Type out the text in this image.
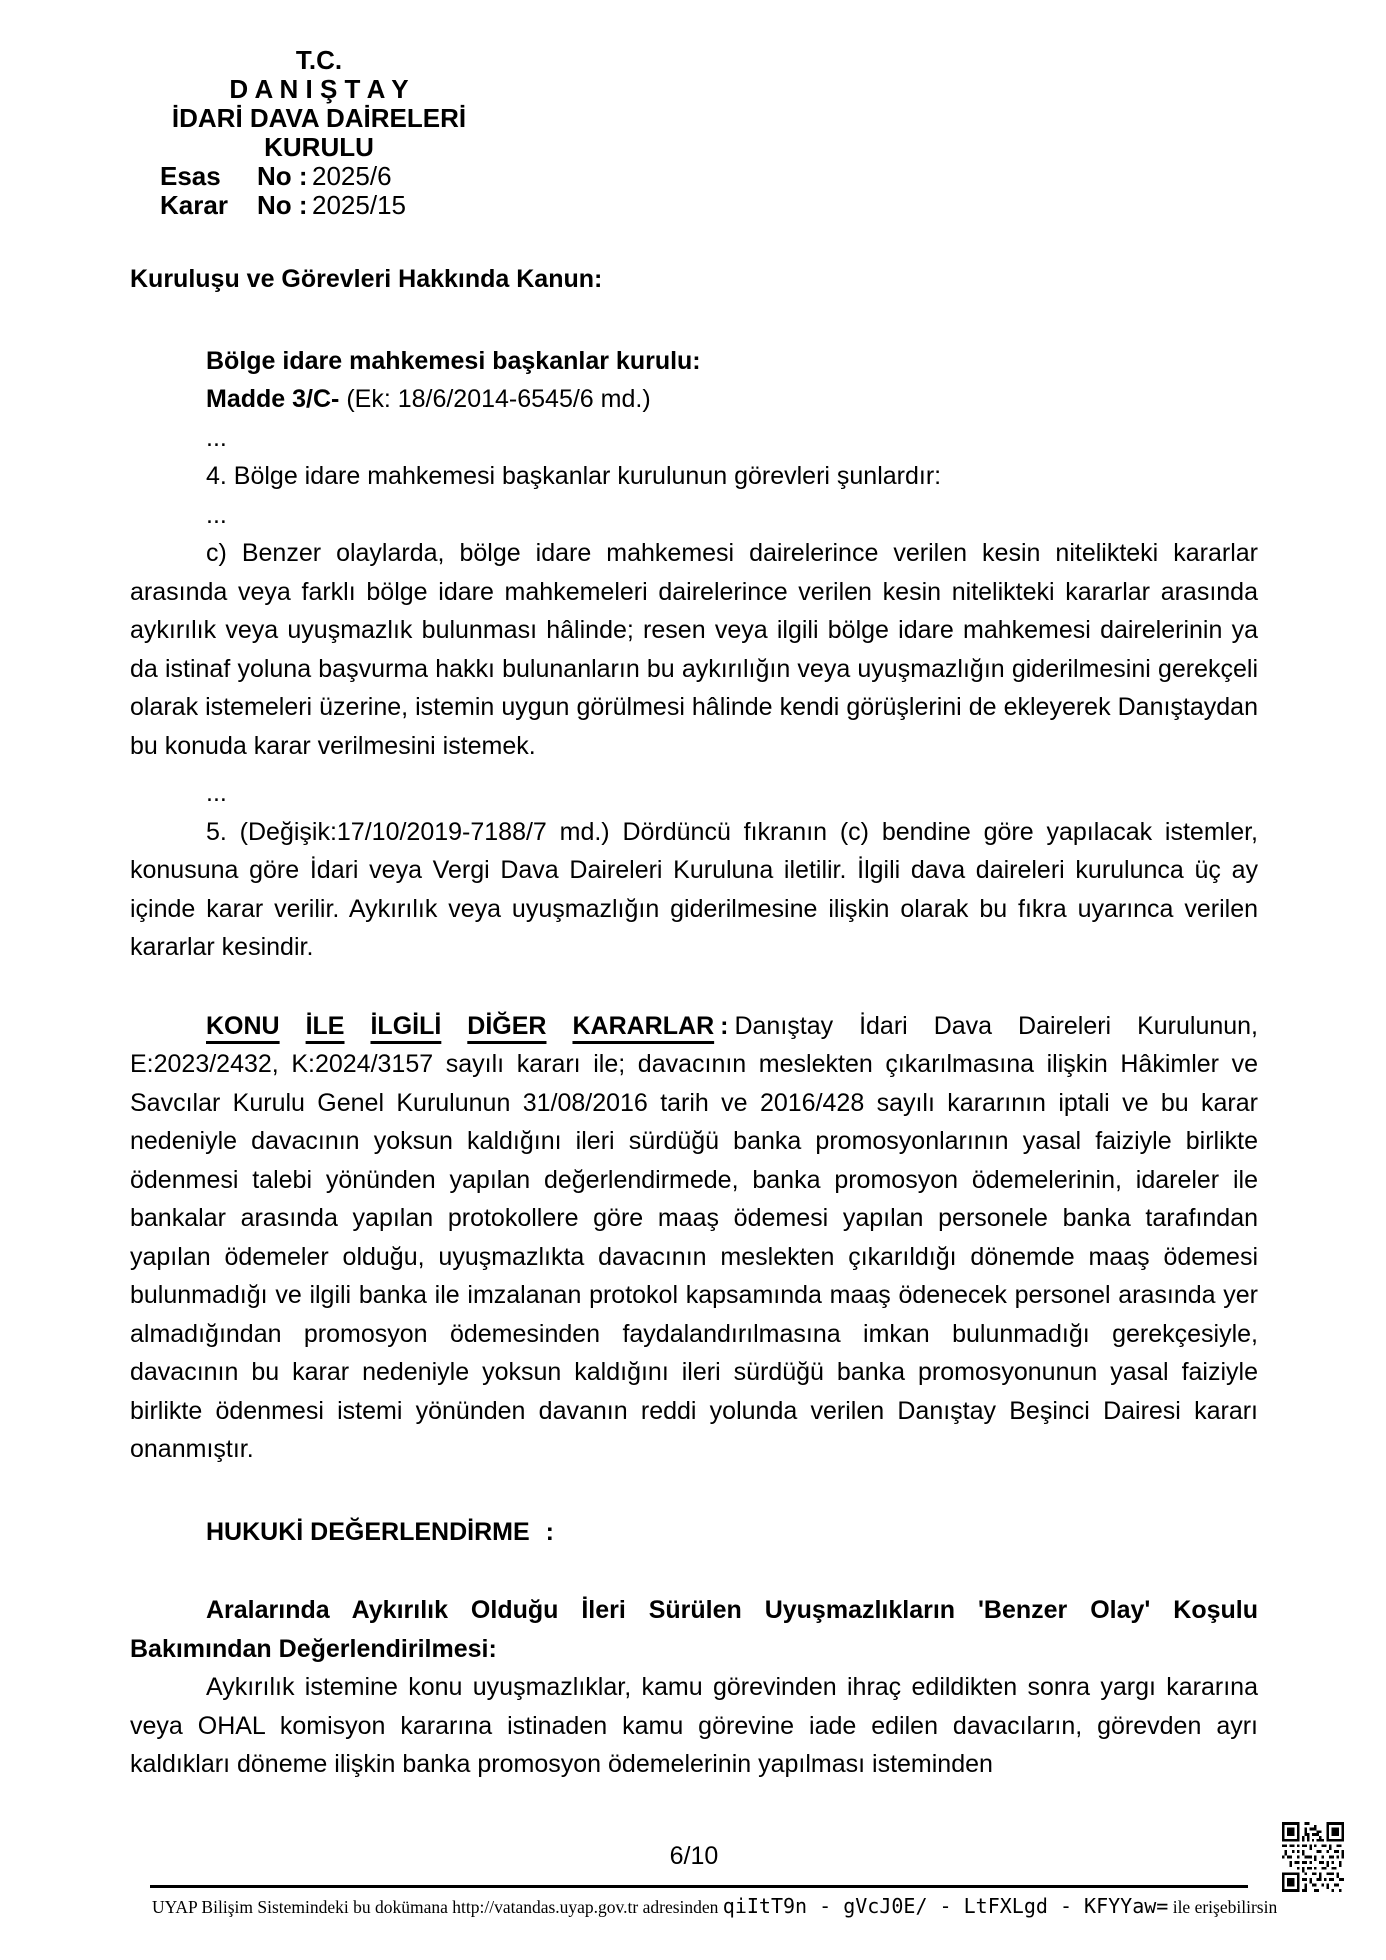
T.C.
D A N I Ş T A Y
İDARİ DAVA DAİRELERİ
KURULU
Esas	No : 2025/6
Karar	No : 2025/15
Kuruluşu ve Görevleri Hakkında Kanun:
Bölge idare mahkemesi başkanlar kurulu:
Madde 3/C- (Ek: 18/6/2014-6545/6 md.)
...
4. Bölge idare mahkemesi başkanlar kurulunun görevleri şunlardır:
...

c) Benzer olaylarda, bölge idare mahkemesi dairelerince verilen kesin nitelikteki kararlar arasında veya farklı bölge idare mahkemeleri dairelerince verilen kesin nitelikteki kararlar arasında aykırılık veya uyuşmazlık bulunması hâlinde; resen veya ilgili bölge idare mahkemesi dairelerinin ya da istinaf yoluna başvurma hakkı bulunanların bu aykırılığın veya uyuşmazlığın giderilmesini gerekçeli olarak istemeleri üzerine, istemin uygun görülmesi hâlinde kendi görüşlerini de ekleyerek Danıştaydan bu konuda karar verilmesini istemek.

...

5. (Değişik:17/10/2019-7188/7 md.) Dördüncü fıkranın (c) bendine göre yapılacak istemler, konusuna göre İdari veya Vergi Dava Daireleri Kuruluna iletilir. İlgili dava daireleri kurulunca üç ay içinde karar verilir. Aykırılık veya uyuşmazlığın giderilmesine ilişkin olarak bu fıkra uyarınca verilen kararlar kesindir.

KONU İLE İLGİLİ DİĞER KARARLAR : Danıştay İdari Dava Daireleri Kurulunun, E:2023/2432, K:2024/3157 sayılı kararı ile; davacının meslekten çıkarılmasına ilişkin Hâkimler ve Savcılar Kurulu Genel Kurulunun 31/08/2016 tarih ve 2016/428 sayılı kararının iptali ve bu karar nedeniyle davacının yoksun kaldığını ileri sürdüğü banka promosyonlarının yasal faiziyle birlikte ödenmesi talebi yönünden yapılan değerlendirmede, banka promosyon ödemelerinin, idareler ile bankalar arasında yapılan protokollere göre maaş ödemesi yapılan personele banka tarafından yapılan ödemeler olduğu, uyuşmazlıkta davacının meslekten çıkarıldığı dönemde maaş ödemesi bulunmadığı ve ilgili banka ile imzalanan protokol kapsamında maaş ödenecek personel arasında yer almadığından promosyon ödemesinden faydalandırılmasına imkan bulunmadığı gerekçesiyle, davacının bu karar nedeniyle yoksun kaldığını ileri sürdüğü banka promosyonunun yasal faiziyle birlikte ödenmesi istemi yönünden davanın reddi yolunda verilen Danıştay Beşinci Dairesi kararı onanmıştır.

HUKUKİ DEĞERLENDİRME :

Aralarında Aykırılık Olduğu İleri Sürülen Uyuşmazlıkların 'Benzer Olay' Koşulu Bakımından Değerlendirilmesi:

Aykırılık istemine konu uyuşmazlıklar, kamu görevinden ihraç edildikten sonra yargı kararına veya OHAL komisyon kararına istinaden kamu görevine iade edilen davacıların, görevden ayrı kaldıkları döneme ilişkin banka promosyon ödemelerinin yapılması isteminden

6/10
UYAP Bilişim Sistemindeki bu dokümana http://vatandas.uyap.gov.tr adresinden qiItT9n - gVcJ0E/ - LtFXLgd - KFYYaw= ile erişebilirsin
